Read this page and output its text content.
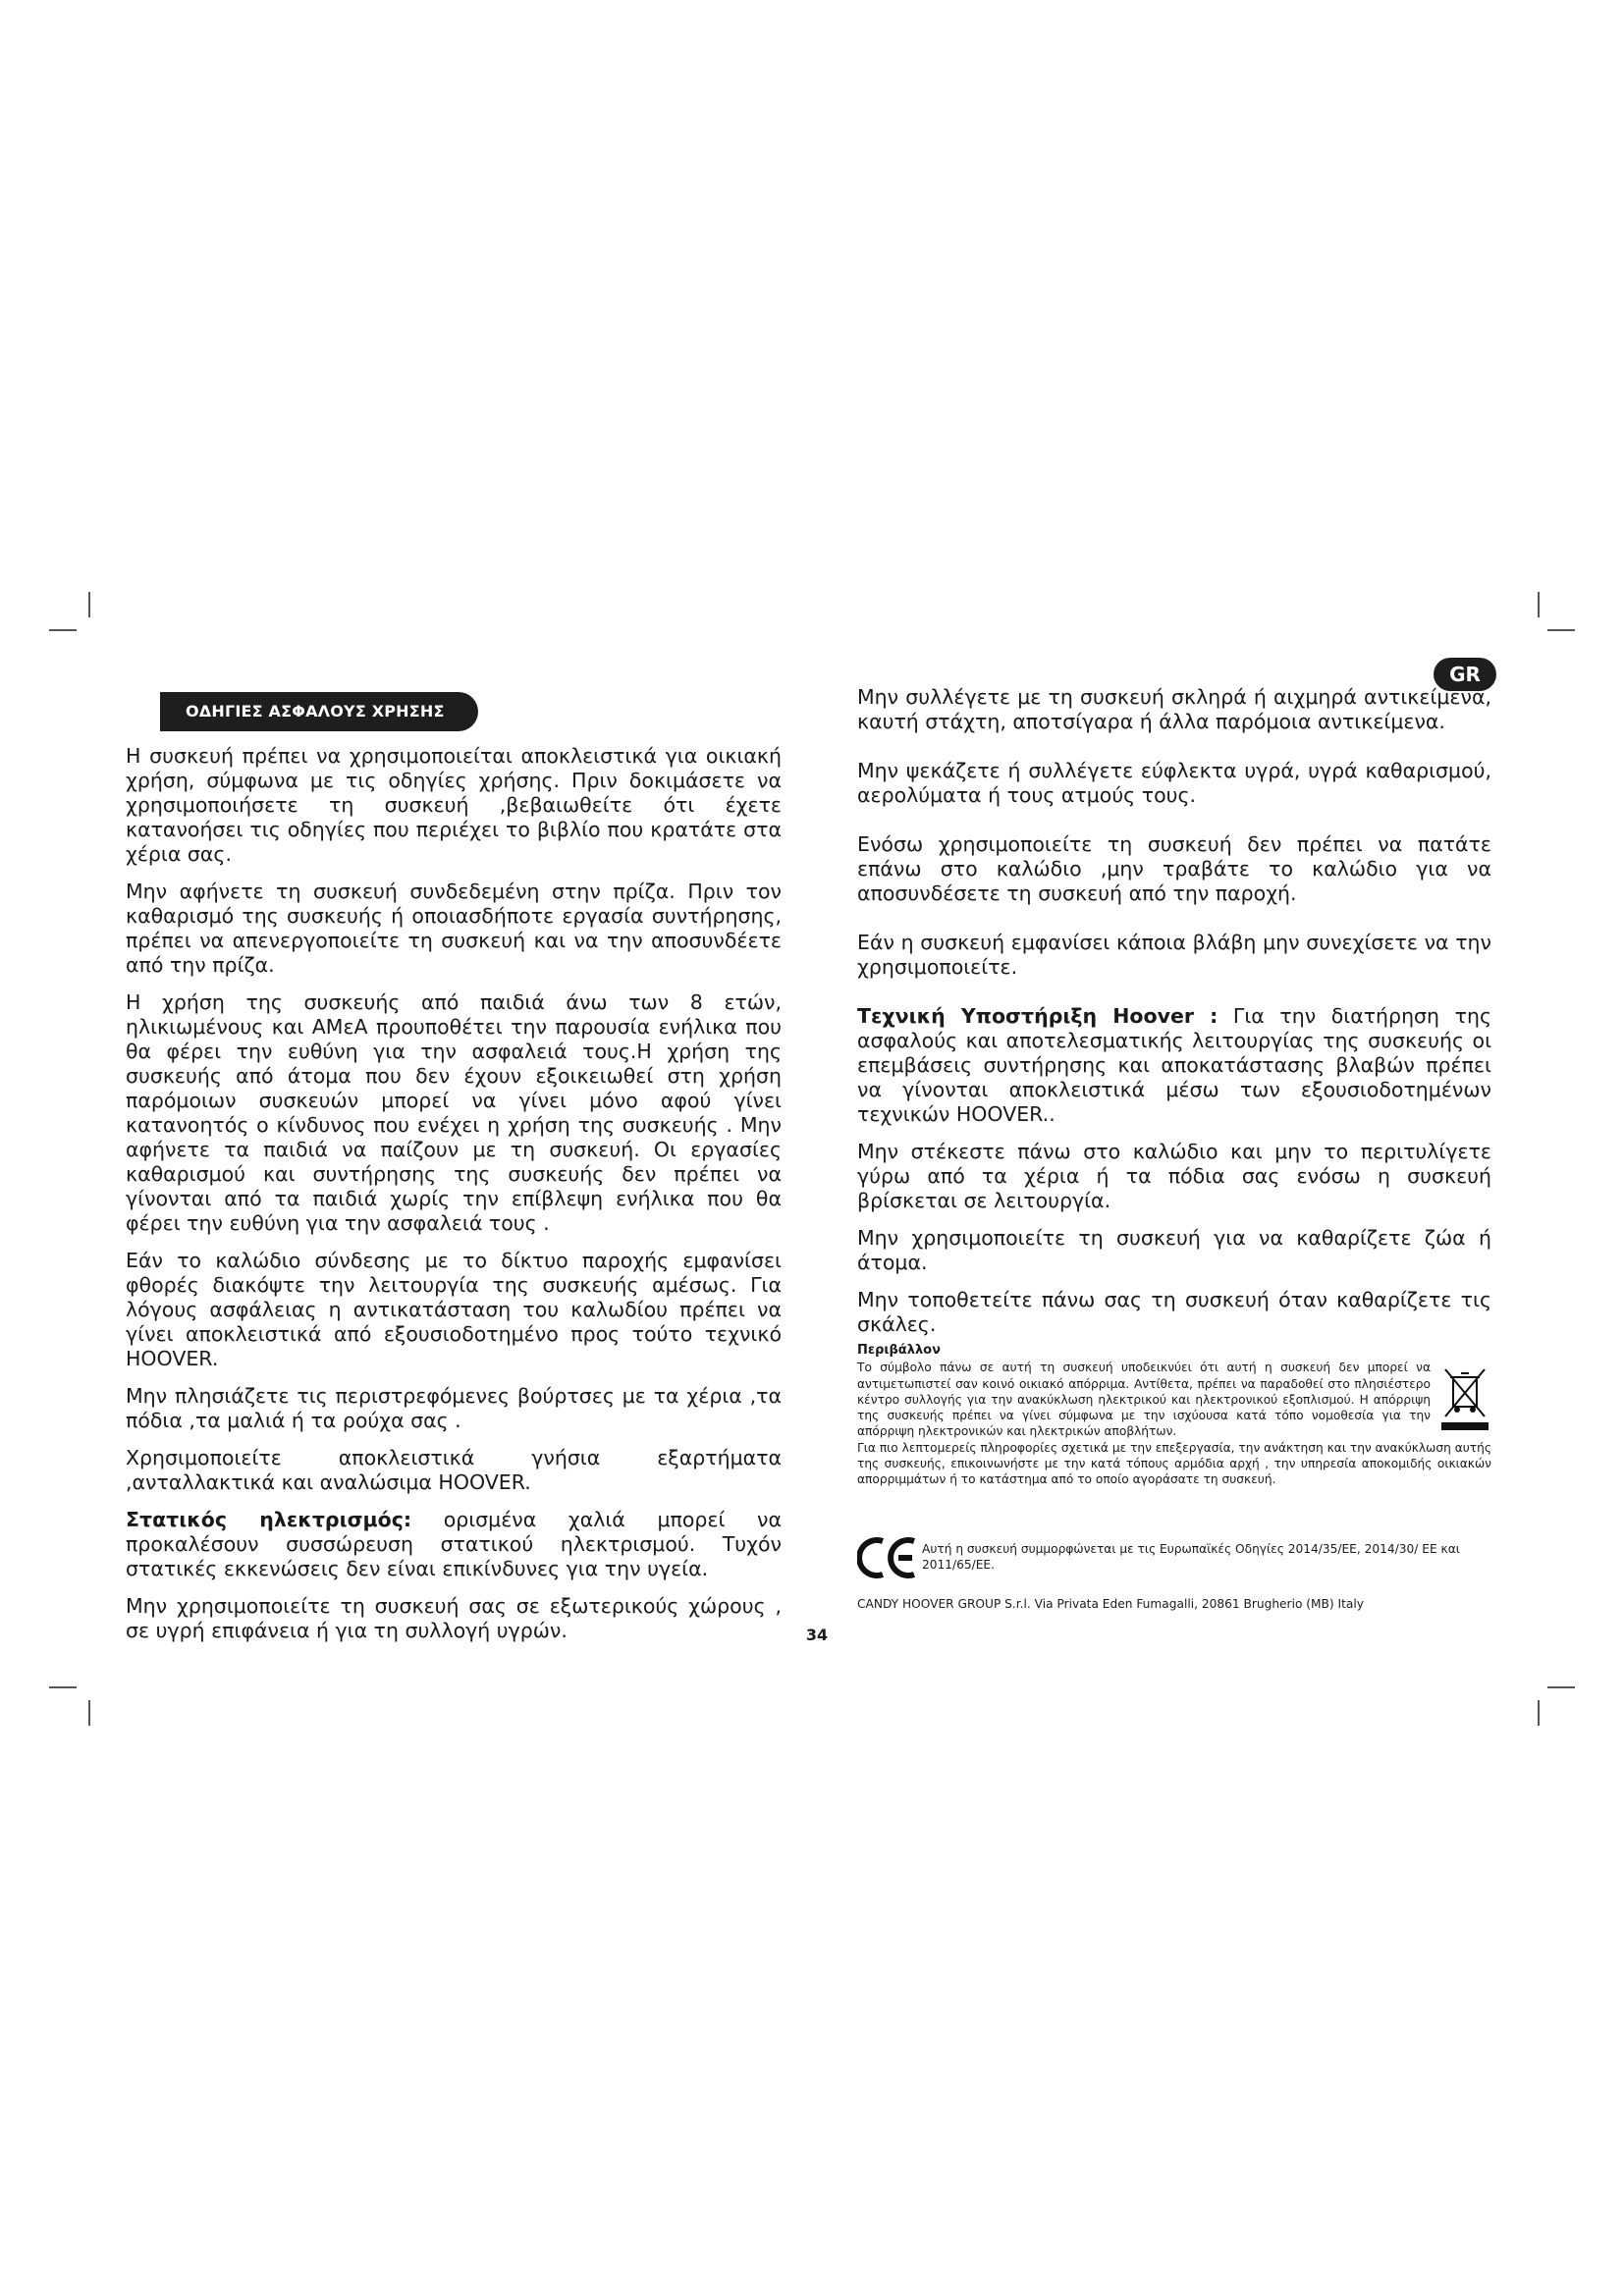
GR
ΟΔΗΓΙΕΣ ΑΣΦΑΛΟΥΣ ΧΡΗΣΗΣ

Η συσκευή πρέπει να χρησιμοποιείται αποκλειστικά για οικιακή χρήση, σύμφωνα με τις οδηγίες χρήσης. Πριν δοκιμάσετε να χρησιμοποιήσετε τη συσκευή ,βεβαιωθείτε ότι έχετε κατανοήσει τις οδηγίες που περιέχει το βιβλίο που κρατάτε στα χέρια σας.

Μην αφήνετε τη συσκευή συνδεδεμένη στην πρίζα. Πριν τον καθαρισμό της συσκευής ή οποιασδήποτε εργασία συντήρησης, πρέπει να απενεργοποιείτε τη συσκευή και να την αποσυνδέετε από την πρίζα.

Η χρήση της συσκευής από παιδιά άνω των 8 ετών, ηλικιωμένους και ΑΜεΑ προυποθέτει την παρουσία ενήλικα που θα φέρει την ευθύνη για την ασφαλειά τους.Η χρήση της συσκευής από άτομα που δεν έχουν εξοικειωθεί στη χρήση παρόμοιων συσκευών μπορεί να γίνει μόνο αφού γίνει κατανοητός ο κίνδυνος που ενέχει η χρήση της συσκευής . Μην αφήνετε τα παιδιά να παίζουν με τη συσκευή. Οι εργασίες καθαρισμού και συντήρησης της συσκευής δεν πρέπει να γίνονται από τα παιδιά χωρίς την επίβλεψη ενήλικα που θα φέρει την ευθύνη για την ασφαλειά τους .

Εάν το καλώδιο σύνδεσης με το δίκτυο παροχής εμφανίσει φθορές διακόψτε την λειτουργία της συσκευής αμέσως. Για λόγους ασφάλειας η αντικατάσταση του καλωδίου πρέπει να γίνει αποκλειστικά από εξουσιοδοτημένο προς τούτο τεχνικό HOOVER.

Μην πλησιάζετε τις περιστρεφόμενες βούρτσες με τα χέρια ,τα πόδια ,τα μαλιά ή τα ρούχα σας .

Χρησιμοποιείτε αποκλειστικά γνήσια εξαρτήματα ,ανταλλακτικά και αναλώσιμα HOOVER.

Στατικός ηλεκτρισμός: ορισμένα χαλιά μπορεί να προκαλέσουν συσσώρευση στατικού ηλεκτρισμού. Τυχόν στατικές εκκενώσεις δεν είναι επικίνδυνες για την υγεία.

Μην χρησιμοποιείτε τη συσκευή σας σε εξωτερικούς χώρους , σε υγρή επιφάνεια ή για τη συλλογή υγρών.

Μην συλλέγετε με τη συσκευή σκληρά ή αιχμηρά αντικείμενα, καυτή στάχτη, αποτσίγαρα ή άλλα παρόμοια αντικείμενα.

Μην ψεκάζετε ή συλλέγετε εύφλεκτα υγρά, υγρά καθαρισμού, αερολύματα ή τους ατμούς τους.

Ενόσω χρησιμοποιείτε τη συσκευή δεν πρέπει να πατάτε επάνω στο καλώδιο ,μην τραβάτε το καλώδιο για να αποσυνδέσετε τη συσκευή από την παροχή.

Εάν η συσκευή εμφανίσει κάποια βλάβη μην συνεχίσετε να την χρησιμοποιείτε.

Τεχνική Υποστήριξη Hoover : Για την διατήρηση της ασφαλούς και αποτελεσματικής λειτουργίας της συσκευής οι επεμβάσεις συντήρησης και αποκατάστασης βλαβών πρέπει να γίνονται αποκλειστικά μέσω των εξουσιοδοτημένων τεχνικών HOOVER..

Μην στέκεστε πάνω στο καλώδιο και μην το περιτυλίγετε γύρω από τα χέρια ή τα πόδια σας ενόσω η συσκευή βρίσκεται σε λειτουργία.

Μην χρησιμοποιείτε τη συσκευή για να καθαρίζετε ζώα ή άτομα.

Μην τοποθετείτε πάνω σας τη συσκευή όταν καθαρίζετε τις σκάλες.

Περιβάλλον
Το σύμβολο πάνω σε αυτή τη συσκευή υποδεικνύει ότι αυτή η συσκευή δεν μπορεί να αντιμετωπιστεί σαν κοινό οικιακό απόρριμα. Αντίθετα, πρέπει να παραδοθεί στο πλησιέστερο κέντρο συλλογής για την ανακύκλωση ηλεκτρικού και ηλεκτρονικού εξοπλισμού. Η απόρριψη της συσκευής πρέπει να γίνει σύμφωνα με την ισχύουσα κατά τόπο νομοθεσία για την απόρριψη ηλεκτρονικών και ηλεκτρικών αποβλήτων.
Για πιο λεπτομερείς πληροφορίες σχετικά με την επεξεργασία, την ανάκτηση και την ανακύκλωση αυτής της συσκευής, επικοινωνήστε με την κατά τόπους αρμόδια αρχή , την υπηρεσία αποκομιδής οικιακών απορριμμάτων ή το κατάστημα από το οποίο αγοράσατε τη συσκευή.
Αυτή η συσκευή συμμορφώνεται με τις Ευρωπαϊκές Οδηγίες 2014/35/ΕΕ, 2014/30/ ΕΕ και 2011/65/ΕΕ.
CANDY HOOVER GROUP S.r.l. Via Privata Eden Fumagalli, 20861 Brugherio (MB) Italy
34
